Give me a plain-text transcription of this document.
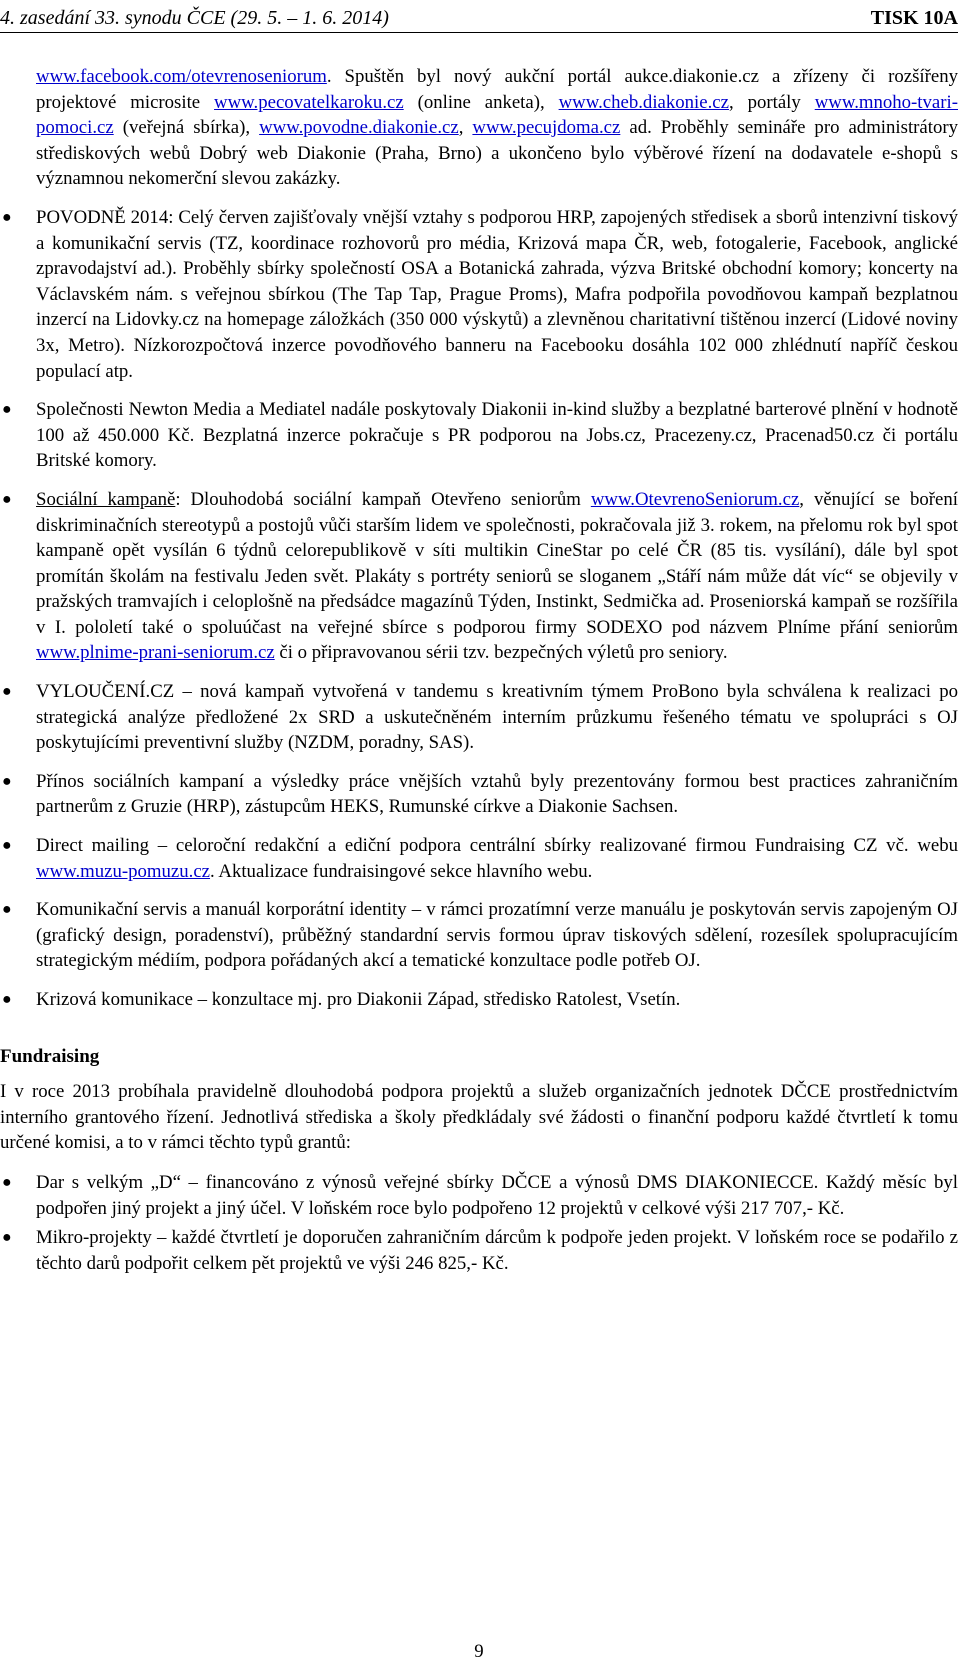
4. zasedání 33. synodu ČCE (29. 5. – 1. 6. 2014)	TISK 10A

www.facebook.com/otevrenoseniorum. Spuštěn byl nový aukční portál aukce.diakonie.cz a zřízeny či rozšířeny projektové microsite www.pecovatelkaroku.cz (online anketa), www.cheb.diakonie.cz, portály www.mnoho-tvari-pomoci.cz (veřejná sbírka), www.povodne.diakonie.cz, www.pecujdoma.cz ad. Proběhly semináře pro administrátory střediskových webů Dobrý web Diakonie (Praha, Brno) a ukončeno bylo výběrové řízení na dodavatele e-shopů s významnou nekomerční slevou zakázky.

● POVODNĚ 2014: Celý červen zajišťovaly vnější vztahy s podporou HRP, zapojených středisek a sborů intenzivní tiskový a komunikační servis (TZ, koordinace rozhovorů pro média, Krizová mapa ČR, web, fotogalerie, Facebook, anglické zpravodajství ad.). Proběhly sbírky společností OSA a Botanická zahrada, výzva Britské obchodní komory; koncerty na Václavském nám. s veřejnou sbírkou (The Tap Tap, Prague Proms), Mafra podpořila povodňovou kampaň bezplatnou inzercí na Lidovky.cz na homepage záložkách (350 000 výskytů) a zlevněnou charitativní tištěnou inzercí (Lidové noviny 3x, Metro). Nízkorozpočtová inzerce povodňového banneru na Facebooku dosáhla 102 000 zhlédnutí napříč českou populací atp.
● Společnosti Newton Media a Mediatel nadále poskytovaly Diakonii in-kind služby a bezplatné barterové plnění v hodnotě 100 až 450.000 Kč. Bezplatná inzerce pokračuje s PR podporou na Jobs.cz, Pracezeny.cz, Pracenad50.cz či portálu Britské komory.
● Sociální kampaně: Dlouhodobá sociální kampaň Otevřeno seniorům www.OtevrenoSeniorum.cz, věnující se boření diskriminačních stereotypů a postojů vůči starším lidem ve společnosti, pokračovala již 3. rokem, na přelomu rok byl spot kampaně opět vysílán 6 týdnů celorepublikově v síti multikin CineStar po celé ČR (85 tis. vysílání), dále byl spot promítán školám na festivalu Jeden svět. Plakáty s portréty seniorů se sloganem „Stáří nám může dát víc“ se objevily v pražských tramvajích i celoplošně na předsádce magazínů Týden, Instinkt, Sedmička ad. Proseniorská kampaň se rozšířila v I. pololetí také o spoluúčast na veřejné sbírce s podporou firmy SODEXO pod názvem Plníme přání seniorům www.plnime-prani-seniorum.cz či o připravovanou sérii tzv. bezpečných výletů pro seniory.
● VYLOUČENÍ.CZ – nová kampaň vytvořená v tandemu s kreativním týmem ProBono byla schválena k realizaci po strategická analýze předložené 2x SRD a uskutečněném interním průzkumu řešeného tématu ve spolupráci s OJ poskytujícími preventivní služby (NZDM, poradny, SAS).
● Přínos sociálních kampaní a výsledky práce vnějších vztahů byly prezentovány formou best practices zahraničním partnerům z Gruzie (HRP), zástupcům HEKS, Rumunské církve a Diakonie Sachsen.
● Direct mailing – celoroční redakční a ediční podpora centrální sbírky realizované firmou Fundraising CZ vč. webu www.muzu-pomuzu.cz. Aktualizace fundraisingové sekce hlavního webu.
● Komunikační servis a manuál korporátní identity – v rámci prozatímní verze manuálu je poskytován servis zapojeným OJ (grafický design, poradenství), průběžný standardní servis formou úprav tiskových sdělení, rozesílek spolupracujícím strategickým médiím, podpora pořádaných akcí a tematické konzultace podle potřeb OJ.
● Krizová komunikace – konzultace mj. pro Diakonii Západ, středisko Ratolest, Vsetín.
Fundraising

I v roce 2013 probíhala pravidelně dlouhodobá podpora projektů a služeb organizačních jednotek DČCE prostřednictvím interního grantového řízení. Jednotlivá střediska a školy předkládaly své žádosti o finanční podporu každé čtvrtletí k tomu určené komisi, a to v rámci těchto typů grantů:

● Dar s velkým „D“ – financováno z výnosů veřejné sbírky DČCE a výnosů DMS DIAKONIECCE. Každý měsíc byl podpořen jiný projekt a jiný účel. V loňském roce bylo podpořeno 12 projektů v celkové výši 217 707,- Kč.
● Mikro-projekty – každé čtvrtletí je doporučen zahraničním dárcům k podpoře jeden projekt. V loňském roce se podařilo z těchto darů podpořit celkem pět projektů ve výši 246 825,- Kč.
9
